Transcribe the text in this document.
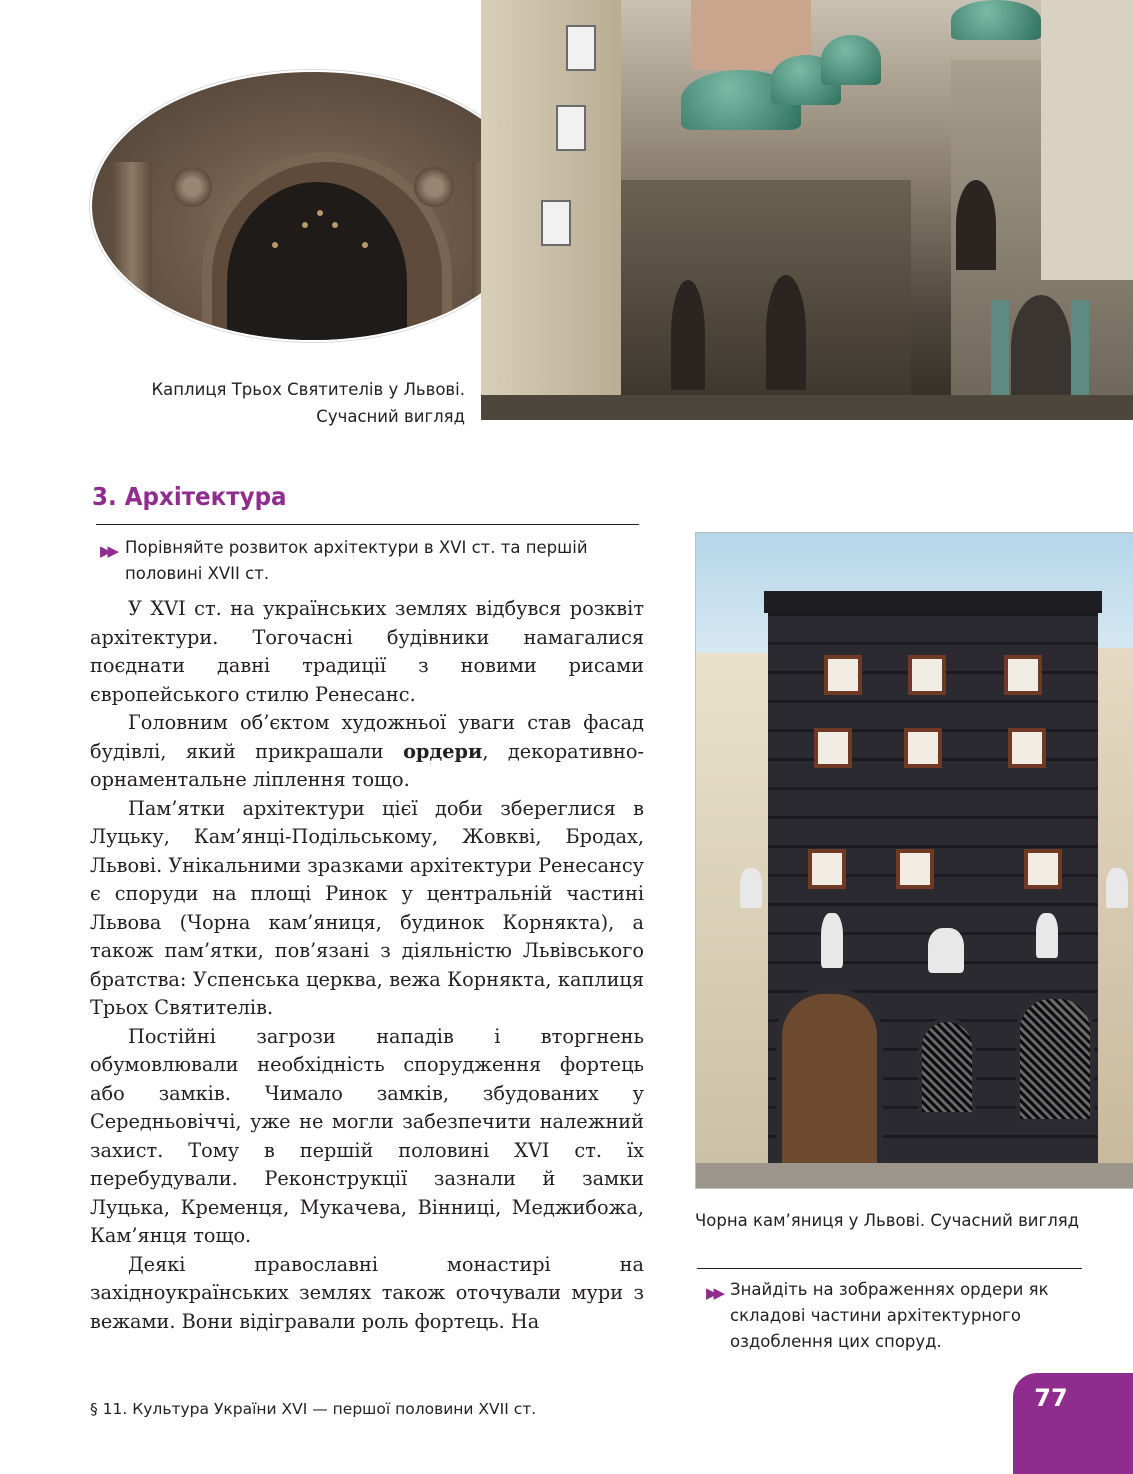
Каплиця Трьох Святителів у Львові.
Сучасний вигляд
3. Архітектура
▶▶ Порівняйте розвиток архітектури в XVI ст. та першій половині XVII ст.

У XVI ст. на українських землях відбувся розквіт архітектури. Тогочасні будівники намагалися поєднати давні традиції з новими рисами європейського стилю Ренесанс.

Головним об’єктом художньої уваги став фасад будівлі, який прикрашали ордери, декоративно-орнаментальне ліплення тощо.

Пам’ятки архітектури цієї доби збереглися в Луцьку, Кам’янці-Подільському, Жовкві, Бродах, Львові. Унікальними зразками архітектури Ренесансу є споруди на площі Ринок у центральній частині Львова (Чорна кам’яниця, будинок Корнякта), а також пам’ятки, пов’язані з діяльністю Львівського братства: Успенська церква, вежа Корнякта, каплиця Трьох Святителів.

Постійні загрози нападів і вторгнень обумовлювали необхідність спорудження фортець або замків. Чимало замків, збудованих у Середньовіччі, уже не могли забезпечити належний захист. Тому в першій половині XVI ст. їх перебудували. Реконструкції зазнали й замки Луцька, Кременця, Мукачева, Вінниці, Меджибожа, Кам’янця тощо.

Деякі православні монастирі на західноукраїнських землях також оточували мури з вежами. Вони відігравали роль фортець. На

Чорна кам’яниця у Львові. Сучасний вигляд
▶▶ Знайдіть на зображеннях ордери як складові частини архітектурного оздоблення цих споруд.
§ 11. Культура України XVI — першої половини XVII ст.	77
